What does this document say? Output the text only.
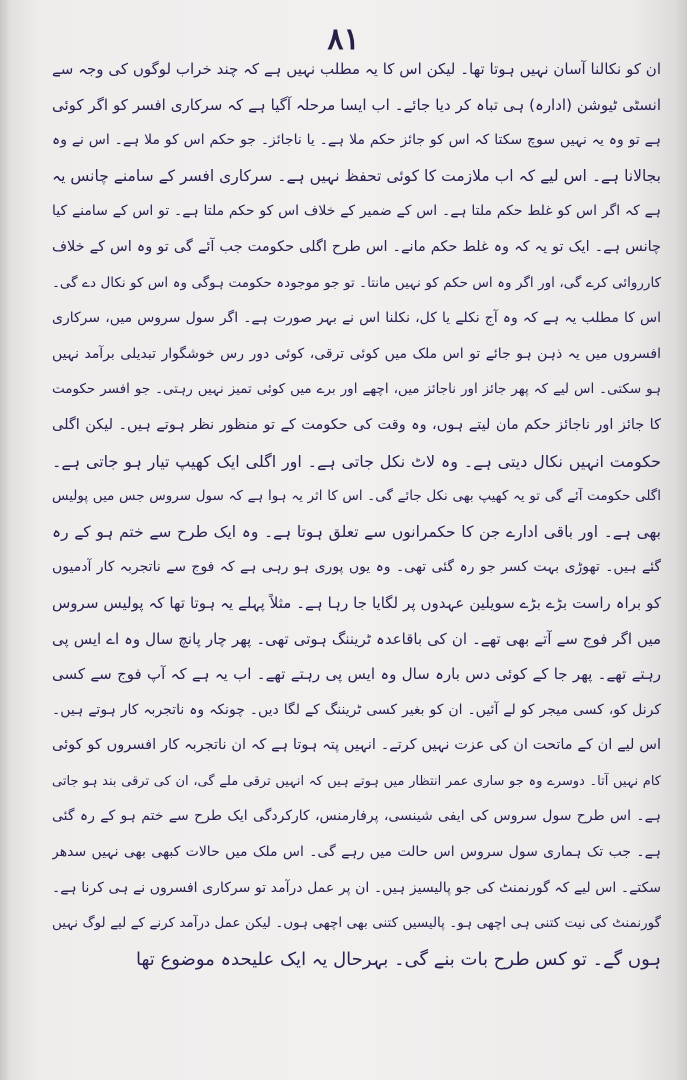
۸۱
ان کو نکالنا آسان نہیں ہوتا تھا۔ لیکن اس کا یہ مطلب نہیں ہے کہ چند خراب لوگوں کی وجہ سے
انسٹی ٹیوشن (ادارہ) ہی تباہ کر دیا جائے۔ اب ایسا مرحلہ آگیا ہے کہ سرکاری افسر کو اگر کوئی
ہے تو وہ یہ نہیں سوچ سکتا کہ اس کو جائز حکم ملا ہے۔ یا ناجائز۔ جو حکم اس کو ملا ہے۔ اس نے وہ
بجالانا ہے۔ اس لیے کہ اب ملازمت کا کوئی تحفظ نہیں ہے۔ سرکاری افسر کے سامنے چانس یہ
ہے کہ اگر اس کو غلط حکم ملتا ہے۔ اس کے ضمیر کے خلاف اس کو حکم ملتا ہے۔ تو اس کے سامنے کیا
چانس ہے۔ ایک تو یہ کہ وہ غلط حکم مانے۔ اس طرح اگلی حکومت جب آئے گی تو وہ اس کے خلاف
کارروائی کرے گی، اور اگر وہ اس حکم کو نہیں مانتا۔ تو جو موجودہ حکومت ہوگی وہ اس کو نکال دے گی۔
اس کا مطلب یہ ہے کہ وہ آج نکلے یا کل، نکلنا اس نے بہر صورت ہے۔ اگر سول سروس میں، سرکاری
افسروں میں یہ ذہن ہو جائے تو اس ملک میں کوئی ترقی، کوئی دور رس خوشگوار تبدیلی برآمد نہیں
ہو سکتی۔ اس لیے کہ پھر جائز اور ناجائز میں، اچھے اور برے میں کوئی تمیز نہیں رہتی۔ جو افسر حکومت
کا جائز اور ناجائز حکم مان لیتے ہوں، وہ وقت کی حکومت کے تو منظور نظر ہوتے ہیں۔ لیکن اگلی
حکومت انہیں نکال دیتی ہے۔ وہ لاٹ نکل جاتی ہے۔ اور اگلی ایک کھیپ تیار ہو جاتی ہے۔
اگلی حکومت آئے گی تو یہ کھیپ بھی نکل جائے گی۔ اس کا اثر یہ ہوا ہے کہ سول سروس جس میں پولیس
بھی ہے۔ اور باقی ادارے جن کا حکمرانوں سے تعلق ہوتا ہے۔ وہ ایک طرح سے ختم ہو کے رہ
گئے ہیں۔ تھوڑی بہت کسر جو رہ گئی تھی۔ وہ یوں پوری ہو رہی ہے کہ فوج سے ناتجربہ کار آدمیوں
کو براہ راست بڑے بڑے سویلین عہدوں پر لگایا جا رہا ہے۔ مثلاً پہلے یہ ہوتا تھا کہ پولیس سروس
میں اگر فوج سے آتے بھی تھے۔ ان کی باقاعدہ ٹریننگ ہوتی تھی۔ پھر چار پانچ سال وہ اے ایس پی
رہتے تھے۔ پھر جا کے کوئی دس بارہ سال وہ ایس پی رہتے تھے۔ اب یہ ہے کہ آپ فوج سے کسی
کرنل کو، کسی میجر کو لے آئیں۔ ان کو بغیر کسی ٹریننگ کے لگا دیں۔ چونکہ وہ ناتجربہ کار ہوتے ہیں۔
اس لیے ان کے ماتحت ان کی عزت نہیں کرتے۔ انہیں پتہ ہوتا ہے کہ ان ناتجربہ کار افسروں کو کوئی
کام نہیں آتا۔ دوسرے وہ جو ساری عمر انتظار میں ہوتے ہیں کہ انہیں ترقی ملے گی، ان کی ترقی بند ہو جاتی
ہے۔ اس طرح سول سروس کی ایفی شینسی، پرفارمنس، کارکردگی ایک طرح سے ختم ہو کے رہ گئی
ہے۔ جب تک ہماری سول سروس اس حالت میں رہے گی۔ اس ملک میں حالات کبھی بھی نہیں سدھر
سکتے۔ اس لیے کہ گورنمنٹ کی جو پالیسیز ہیں۔ ان پر عمل درآمد تو سرکاری افسروں نے ہی کرنا ہے۔
گورنمنٹ کی نیت کتنی ہی اچھی ہو۔ پالیسیں کتنی بھی اچھی ہوں۔ لیکن عمل درآمد کرنے کے لیے لوگ نہیں
ہوں گے۔ تو کس طرح بات بنے گی۔ بہرحال یہ ایک علیحدہ موضوع تھا
